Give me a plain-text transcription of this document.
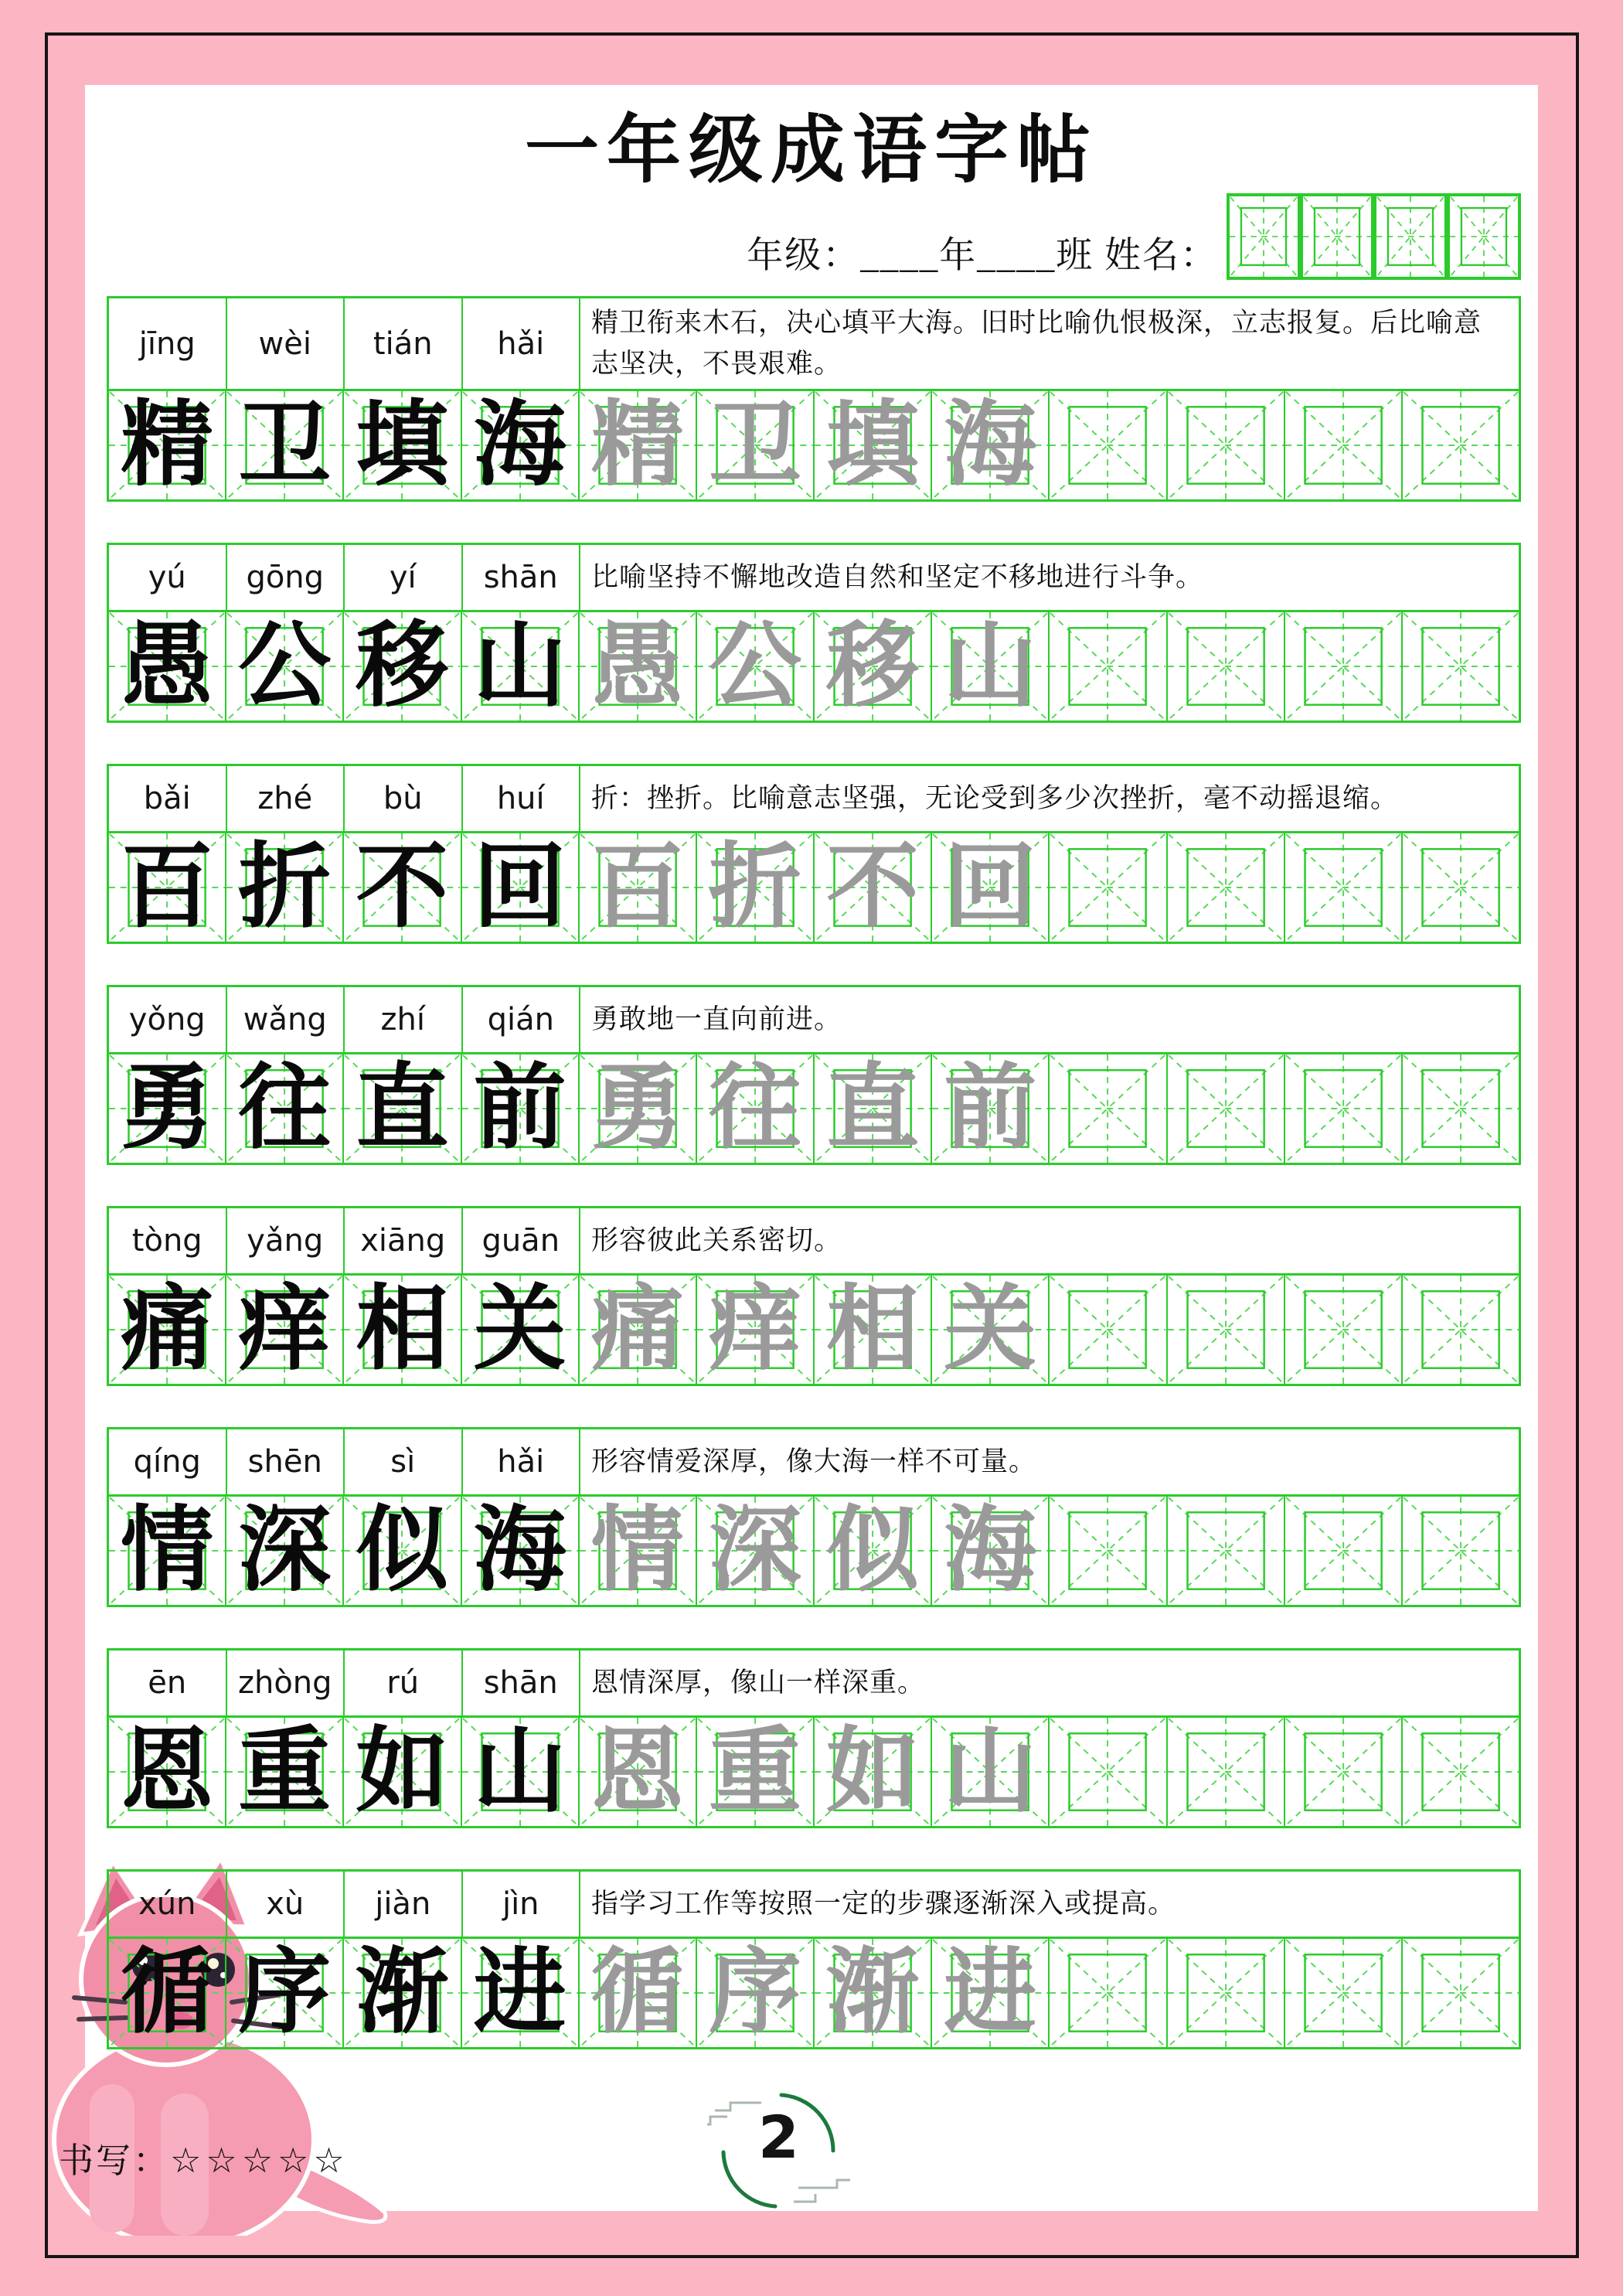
一年级成语字帖
年级：____年____班 姓名：
jīng	wèi	tián	hǎi
精卫衔来木石，决心填平大海。旧时比喻仇恨极深，立志报复。后比喻意志坚决，不畏艰难。
精 卫 填 海 精 卫 填 海
yú	gōng	yí	shān	比喻坚持不懈地改造自然和坚定不移地进行斗争。
愚 公 移 山 愚 公 移 山
bǎi	zhé	bù	huí	折：挫折。比喻意志坚强，无论受到多少次挫折，毫不动摇退缩。
百 折 不 回 百 折 不 回
yǒng	wǎng	zhí	qián	勇敢地一直向前进。
勇 往 直 前 勇 往 直 前
tòng	yǎng	xiāng	guān	形容彼此关系密切。
痛 痒 相 关 痛 痒 相 关
qíng	shēn	sì	hǎi	形容情爱深厚，像大海一样不可量。
情 深 似 海 情 深 似 海
ēn	zhòng	rú	shān	恩情深厚，像山一样深重。
恩 重 如 山 恩 重 如 山
xún	xù	jiàn	jìn	指学习工作等按照一定的步骤逐渐深入或提高。
循 序 渐 进 循 序 渐 进
书写：☆☆☆☆☆	2
